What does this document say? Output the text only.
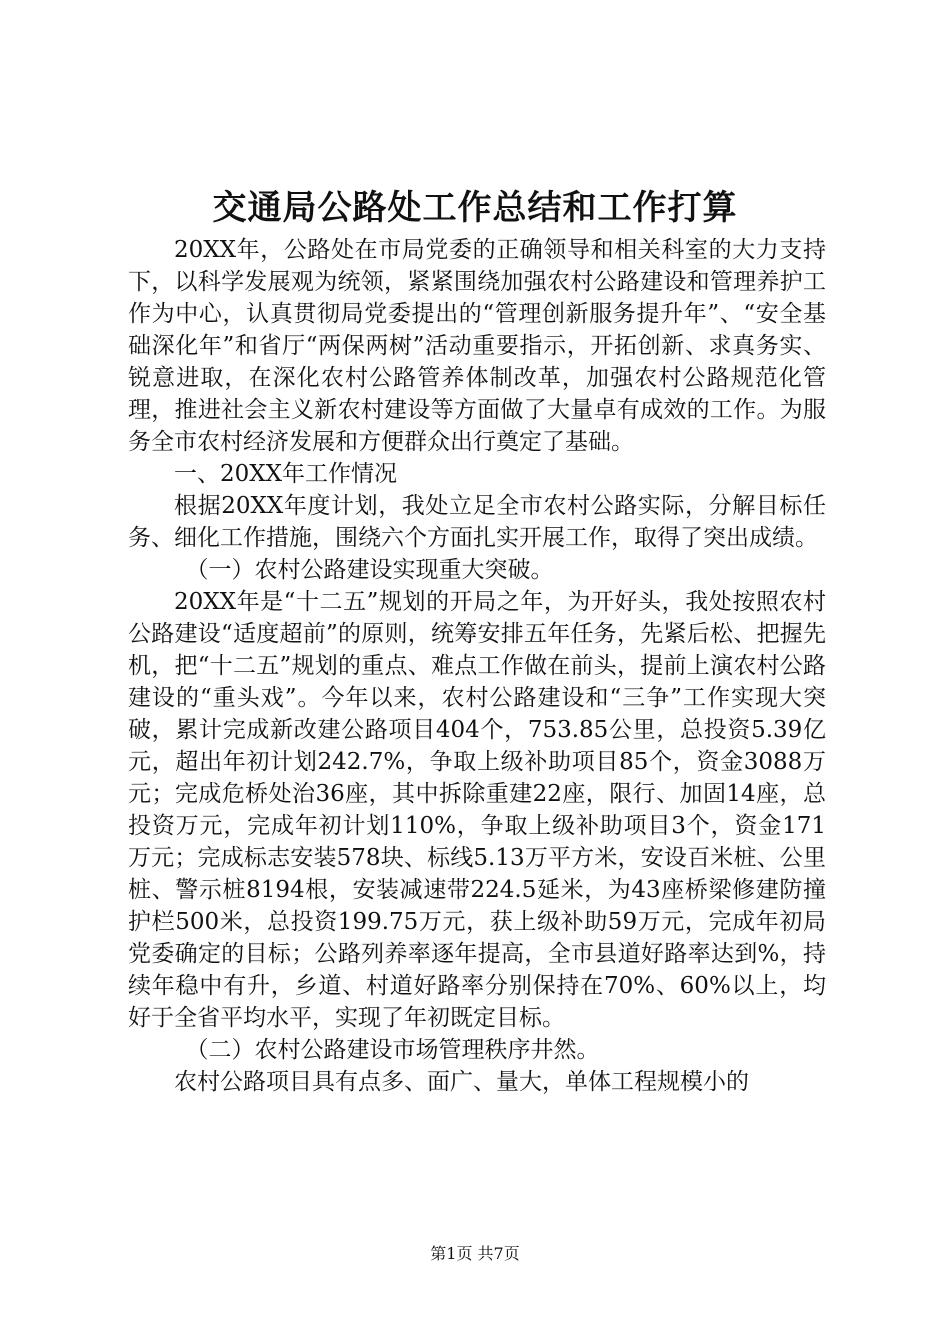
交通局公路处工作总结和工作打算

20XX年，公路处在市局党委的正确领导和相关科室的大力支持下，以科学发展观为统领，紧紧围绕加强农村公路建设和管理养护工作为中心，认真贯彻局党委提出的“管理创新服务提升年”、“安全基础深化年”和省厅“两保两树”活动重要指示，开拓创新、求真务实、锐意进取，在深化农村公路管养体制改革，加强农村公路规范化管理，推进社会主义新农村建设等方面做了大量卓有成效的工作。为服务全市农村经济发展和方便群众出行奠定了基础。

一、20XX年工作情况

根据20XX年度计划，我处立足全市农村公路实际，分解目标任务、细化工作措施，围绕六个方面扎实开展工作，取得了突出成绩。

（一）农村公路建设实现重大突破。

20XX年是“十二五”规划的开局之年，为开好头，我处按照农村公路建设“适度超前”的原则，统筹安排五年任务，先紧后松、把握先机，把“十二五”规划的重点、难点工作做在前头，提前上演农村公路建设的“重头戏”。今年以来，农村公路建设和“三争”工作实现大突破，累计完成新改建公路项目404个，753.85公里，总投资5.39亿元，超出年初计划242.7%，争取上级补助项目85个，资金3088万元；完成危桥处治36座，其中拆除重建22座，限行、加固14座，总投资万元，完成年初计划110%，争取上级补助项目3个，资金171万元；完成标志安装578块、标线5.13万平方米，安设百米桩、公里桩、警示桩8194根，安装减速带224.5延米，为43座桥梁修建防撞护栏500米，总投资199.75万元，获上级补助59万元，完成年初局党委确定的目标；公路列养率逐年提高，全市县道好路率达到%，持续年稳中有升，乡道、村道好路率分别保持在70%、60%以上，均好于全省平均水平，实现了年初既定目标。

（二）农村公路建设市场管理秩序井然。

农村公路项目具有点多、面广、量大，单体工程规模小的

第1页 共7页
